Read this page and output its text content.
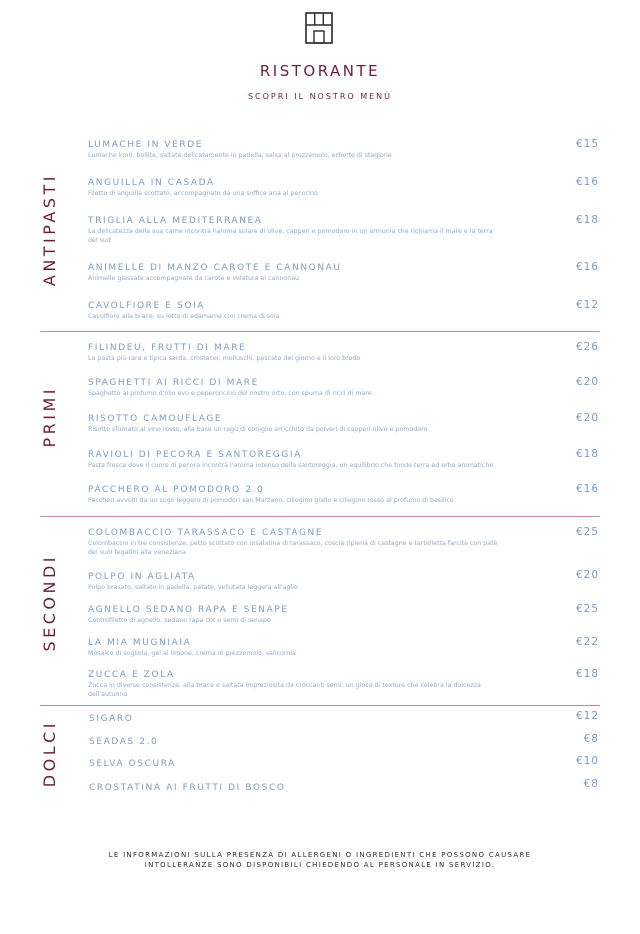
RISTORANTE
SCOPRI IL NOSTRO MENÙ
ANTIPASTI
LUMACHE IN VERDE
Lumache km0, bollite, saltate delicatamente in padella, salsa al prezzemolo, erbette di stagione
€15
ANGUILLA IN CASADA
Filetto di anguilla scottato, accompagnato da una soffice aria al pecorino
€16
TRIGLIA ALLA MEDITERRANEA
La delicatezza della sua carne incontra l'aroma solare di olive, capperi e pomodoro in un armonia che richiama il mare e la terra del sud
€18
ANIMELLE DI MANZO CAROTE E CANNONAU
Animelle glassate accompagnate da carote e velatura al cannonau
€16
CAVOLFIORE E SOIA
Cavolfiore alla brace, su letto di edamame con crema di soia
€12
PRIMI
FILINDEU, FRUTTI DI MARE
La pasta più rara e tipica sarda, crostacei, molluschi, pescato del giorno e il loro brodo
€26
SPAGHETTI AI RICCI DI MARE
Spaghetto al profumo d'olio evo e peperoncino del nostro orto, con spuma di ricci di mare
€20
RISOTTO CAMOUFLAGE
Risotto sfumato al vino rosso, alla base un ragù di coniglio arricchito da polveri di capperi olive e pomodoro
€20
RAVIOLI DI PECORA E SANTOREGGIA
Pasta fresca dove il cuore di pecora incontra l'aroma intenso della santoreggia, un equilibrio che fonde terra ed erbe aromatiche
€18
PACCHERO AL POMODORO 2.0
Paccheri avvolti da un sugo leggero di pomodori san Marzano, ciliegino giallo e ciliegino rosso al profumo di basilico
€16
SECONDI
COLOMBACCIO TARASSACO E CASTAGNE
Colombaccio in tre consistenze, petto scottato con insalatina di tarassaco, coscia ripiena di castagne e tartelletta farcita con patè dei suoi fegatini alla veneziana
€25
POLPO IN AGLIATA
Polpo brasato, saltato in padella, patate, vellutata leggera all'aglio
€20
AGNELLO SEDANO RAPA E SENAPE
Controfiletto di agnello, sedano rapa cbt e semi di senape
€25
LA MIA MUGNIAIA
Mosaico di sogliola, gel al limone, crema di prezzemolo, salicornia
€22
ZUCCA E ZOLA
Zucca in diverse consistenze, alla brace e saltata impreziosita da croccanti semi: un gioco di texture che celebra la dolcezza dell'autunno
€18
DOLCI
SIGARO	€12
SEADAS 2.0	€8
SELVA OSCURA	€10
CROSTATINA AI FRUTTI DI BOSCO	€8
LE INFORMAZIONI SULLA PRESENZA DI ALLERGENI O INGREDIENTI CHE POSSONO CAUSARE
INTOLLERANZE SONO DISPONIBILI CHIEDENDO AL PERSONALE IN SERVIZIO.
